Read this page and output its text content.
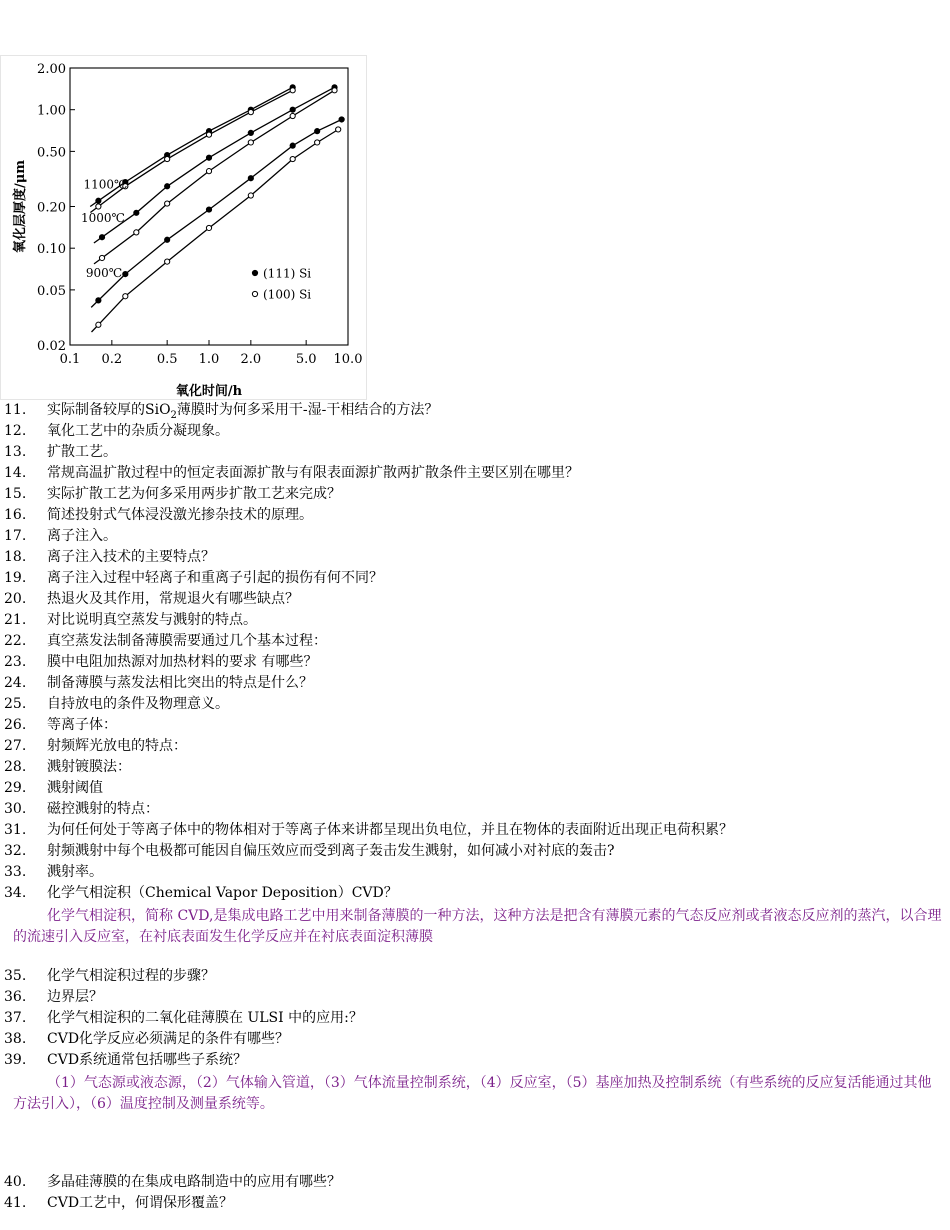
0.1 0.2	0.5 1.0 2.0	5.0 10.0
0.02
0.05
0.10
0.20
0.50
1.00
2.00
氧化时间/h
氧化层厚度/μm	1100℃
1000℃
900℃	(111) Si
(100) Si
11.	实际制备较厚的SiO$_2$薄膜时为何多采用干-湿-干相结合的方法？
12.	氧化工艺中的杂质分凝现象。
13.	扩散工艺。
14.	常规高温扩散过程中的恒定表面源扩散与有限表面源扩散两扩散条件主要区别在哪里？
15.	实际扩散工艺为何多采用两步扩散工艺来完成？
16.	简述投射式气体浸没激光掺杂技术的原理。
17.	离子注入。
18.	离子注入技术的主要特点？
19.	离子注入过程中轻离子和重离子引起的损伤有何不同？
20.	热退火及其作用，常规退火有哪些缺点？
21.	对比说明真空蒸发与溅射的特点。
22.	真空蒸发法制备薄膜需要通过几个基本过程：
23.	膜中电阻加热源对加热材料的要求 有哪些？
24.	制备薄膜与蒸发法相比突出的特点是什么？
25.	自持放电的条件及物理意义。
26.	等离子体：
27.	射频辉光放电的特点：
28.	溅射镀膜法：
29.	溅射阈值
30.	磁控溅射的特点：
31.	为何任何处于等离子体中的物体相对于等离子体来讲都呈现出负电位，并且在物体的表面附近出现正电荷积累？
32.	射频溅射中每个电极都可能因自偏压效应而受到离子轰击发生溅射，如何减小对衬底的轰击?
33.	溅射率。
34.	化学气相淀积（Chemical Vapor Deposition）CVD？
化学气相淀积，简称 CVD,是集成电路工艺中用来制备薄膜的一种方法，这种方法是把含有薄膜元素的气态反应剂或者液态反应剂的蒸汽，以合理的流速引入反应室，在衬底表面发生化学反应并在衬底表面淀积薄膜
35.	化学气相淀积过程的步骤？
36.	边界层？
37.	化学气相淀积的二氧化硅薄膜在 ULSI 中的应用:？
38.	CVD化学反应必须满足的条件有哪些？
39.	CVD系统通常包括哪些子系统？
（1）气态源或液态源，（2）气体输入管道，（3）气体流量控制系统，（4）反应室，（5）基座加热及控制系统（有些系统的反应复活能通过其他方法引入），（6）温度控制及测量系统等。
40.	多晶硅薄膜的在集成电路制造中的应用有哪些？
41.	CVD工艺中，何谓保形覆盖？
